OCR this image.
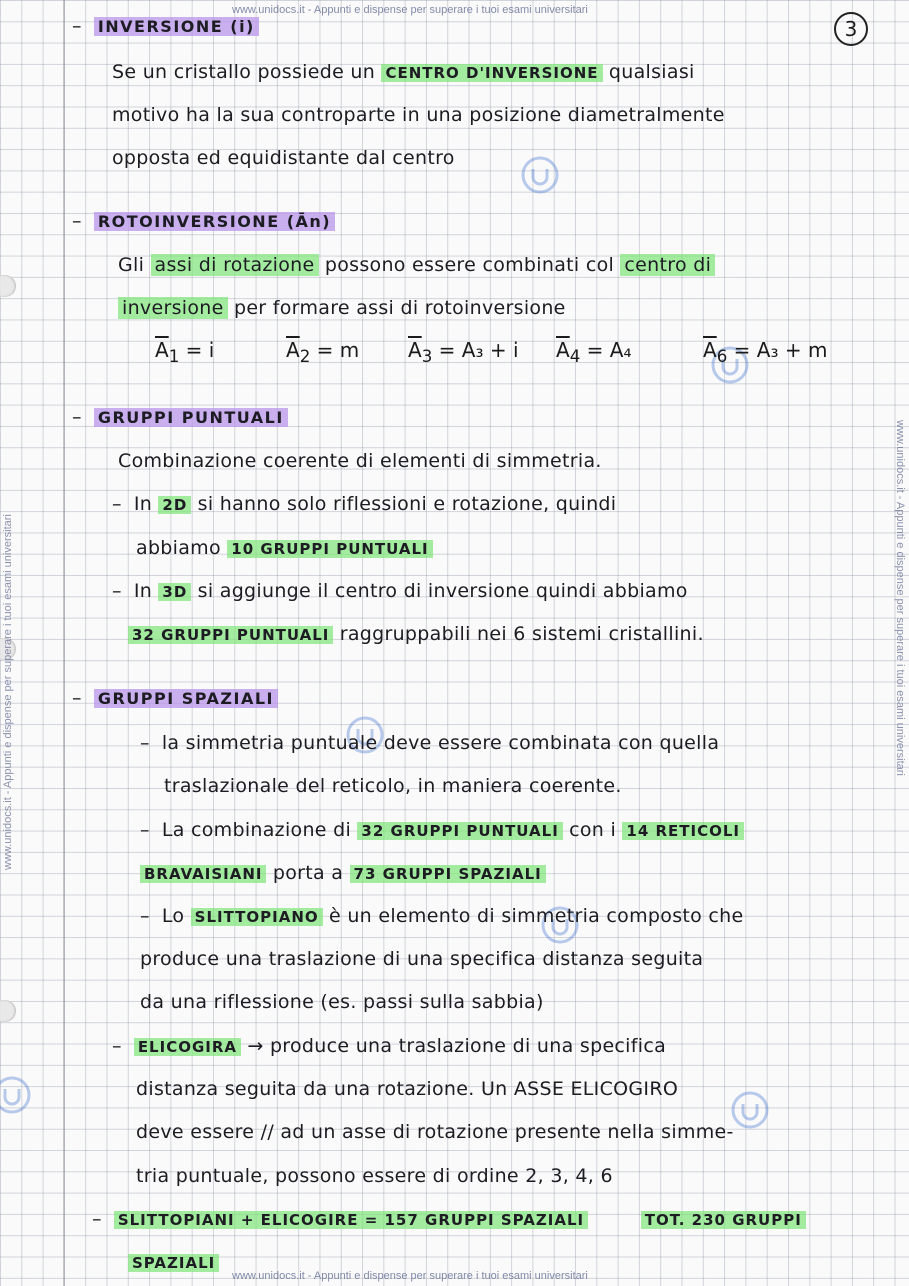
www.unidocs.it - Appunti e dispense per superare i tuoi esami universitari
www.unidocs.it - Appunti e dispense per superare i tuoi esami universitari
www.unidocs.it - Appunti e dispense per superare i tuoi esami universitari	www.unidocs.it - Appunti e dispense per superare i tuoi esami universitari
3
– INVERSIONE (i)
Se un cristallo possiede un CENTRO D'INVERSIONE qualsiasi
motivo ha la sua controparte in una posizione diametralmente
opposta ed equidistante dal centro
– ROTOINVERSIONE (Ān)
Gli assi di rotazione possono essere combinati col centro di
inversione per formare assi di rotoinversione
$\overline{A}_1 = i$	$\overline{A}_2 = m$ $\overline{A}_3 = A_3 + i$ $\overline{A}_4 = A_4$	$\overline{A}_6 = A_3 + m$
– GRUPPI PUNTUALI
Combinazione coerente di elementi di simmetria.
– In 2D si hanno solo riflessioni e rotazione, quindi
abbiamo 10 GRUPPI PUNTUALI
– In 3D si aggiunge il centro di inversione quindi abbiamo
32 GRUPPI PUNTUALI raggruppabili nei 6 sistemi cristallini.
– GRUPPI SPAZIALI
– la simmetria puntuale deve essere combinata con quella
traslazionale del reticolo, in maniera coerente.
– La combinazione di 32 GRUPPI PUNTUALI con i 14 RETICOLI
BRAVAISIANI porta a 73 GRUPPI SPAZIALI
– Lo SLITTOPIANO è un elemento di simmetria composto che
produce una traslazione di una specifica distanza seguita
da una riflessione (es. passi sulla sabbia)
– ELICOGIRA → produce una traslazione di una specifica
distanza seguita da una rotazione. Un ASSE ELICOGIRO
deve essere // ad un asse di rotazione presente nella simme-
tria puntuale, possono essere di ordine 2, 3, 4, 6
– SLITTOPIANI + ELICOGIRE = 157 GRUPPI SPAZIALI	TOT. 230 GRUPPI
SPAZIALI
